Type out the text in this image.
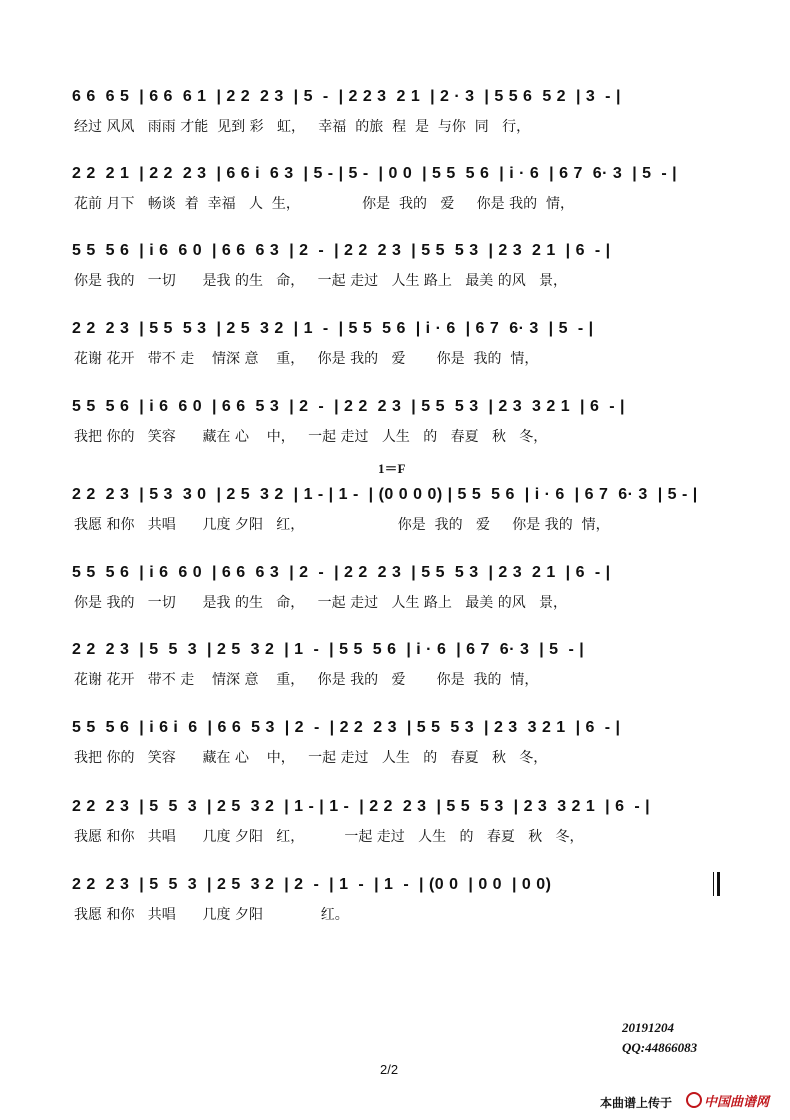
6 6  6 5  | 6 6  6 1  | 2 2  2 3  | 5  -  | 2 2 3  2 1  | 2 · 3  | 5 5 6  5 2  | 3  - |
经过 风风   雨雨 才能  见到 彩   虹，   幸福  的旅  程  是  与你  同   行，
2 2  2 1  | 2 2  2 3  | 6 6 i  6 3  | 5 - | 5 -  | 0 0  | 5 5  5 6  | i · 6  | 6 7  6· 3  | 5  - |
花前 月下   畅谈  着  幸福   人  生，              你是  我的   爱     你是 我的  情，
5 5  5 6  | i 6  6 0  | 6 6  6 3  | 2  -  | 2 2  2 3  | 5 5  5 3  | 2 3  2 1  | 6  - |
你是 我的   一切      是我 的生   命，   一起 走过   人生 路上   最美 的风   景，
2 2  2 3  | 5 5  5 3  | 2 5  3 2  | 1  -  | 5 5  5 6  | i · 6  | 6 7  6· 3  | 5  - |
花谢 花开   带不 走    情深 意    重，   你是 我的   爱       你是  我的  情，
5 5  5 6  | i 6  6 0  | 6 6  5 3  | 2  -  | 2 2  2 3  | 5 5  5 3  | 2 3  3 2 1  | 6  - |
我把 你的   笑容      藏在 心    中，   一起 走过   人生   的   春夏   秋   冬，
1＝F
2 2  2 3  | 5 3  3 0  | 2 5  3 2  | 1 - | 1 -  | (0 0 0 0) | 5 5  5 6  | i · 6  | 6 7  6· 3  | 5 - |
我愿 和你   共唱      几度 夕阳   红，                     你是  我的   爱     你是 我的  情，
5 5  5 6  | i 6  6 0  | 6 6  6 3  | 2  -  | 2 2  2 3  | 5 5  5 3  | 2 3  2 1  | 6  - |
你是 我的   一切      是我 的生   命，   一起 走过   人生 路上   最美 的风   景，
2 2  2 3  | 5  5  3  | 2 5  3 2  | 1  -  | 5 5  5 6  | i · 6  | 6 7  6· 3  | 5  - |
花谢 花开   带不 走    情深 意    重，   你是 我的   爱       你是  我的  情，
5 5  5 6  | i 6 i  6  | 6 6  5 3  | 2  -  | 2 2  2 3  | 5 5  5 3  | 2 3  3 2 1  | 6  - |
我把 你的   笑容      藏在 心    中，   一起 走过   人生   的   春夏   秋   冬，
2 2  2 3  | 5  5  3  | 2 5  3 2  | 1 - | 1 -  | 2 2  2 3  | 5 5  5 3  | 2 3  3 2 1  | 6  - |
我愿 和你   共唱      几度 夕阳   红，         一起 走过   人生   的   春夏   秋   冬，
2 2  2 3  | 5  5  3  | 2 5  3 2  | 2  -  | 1  -  | 1  -  | (0 0  | 0 0  | 0 0)
我愿 和你   共唱      几度 夕阳             红。
20191204
QQ:44866083
2/2
本曲谱上传于 中国曲谱网
